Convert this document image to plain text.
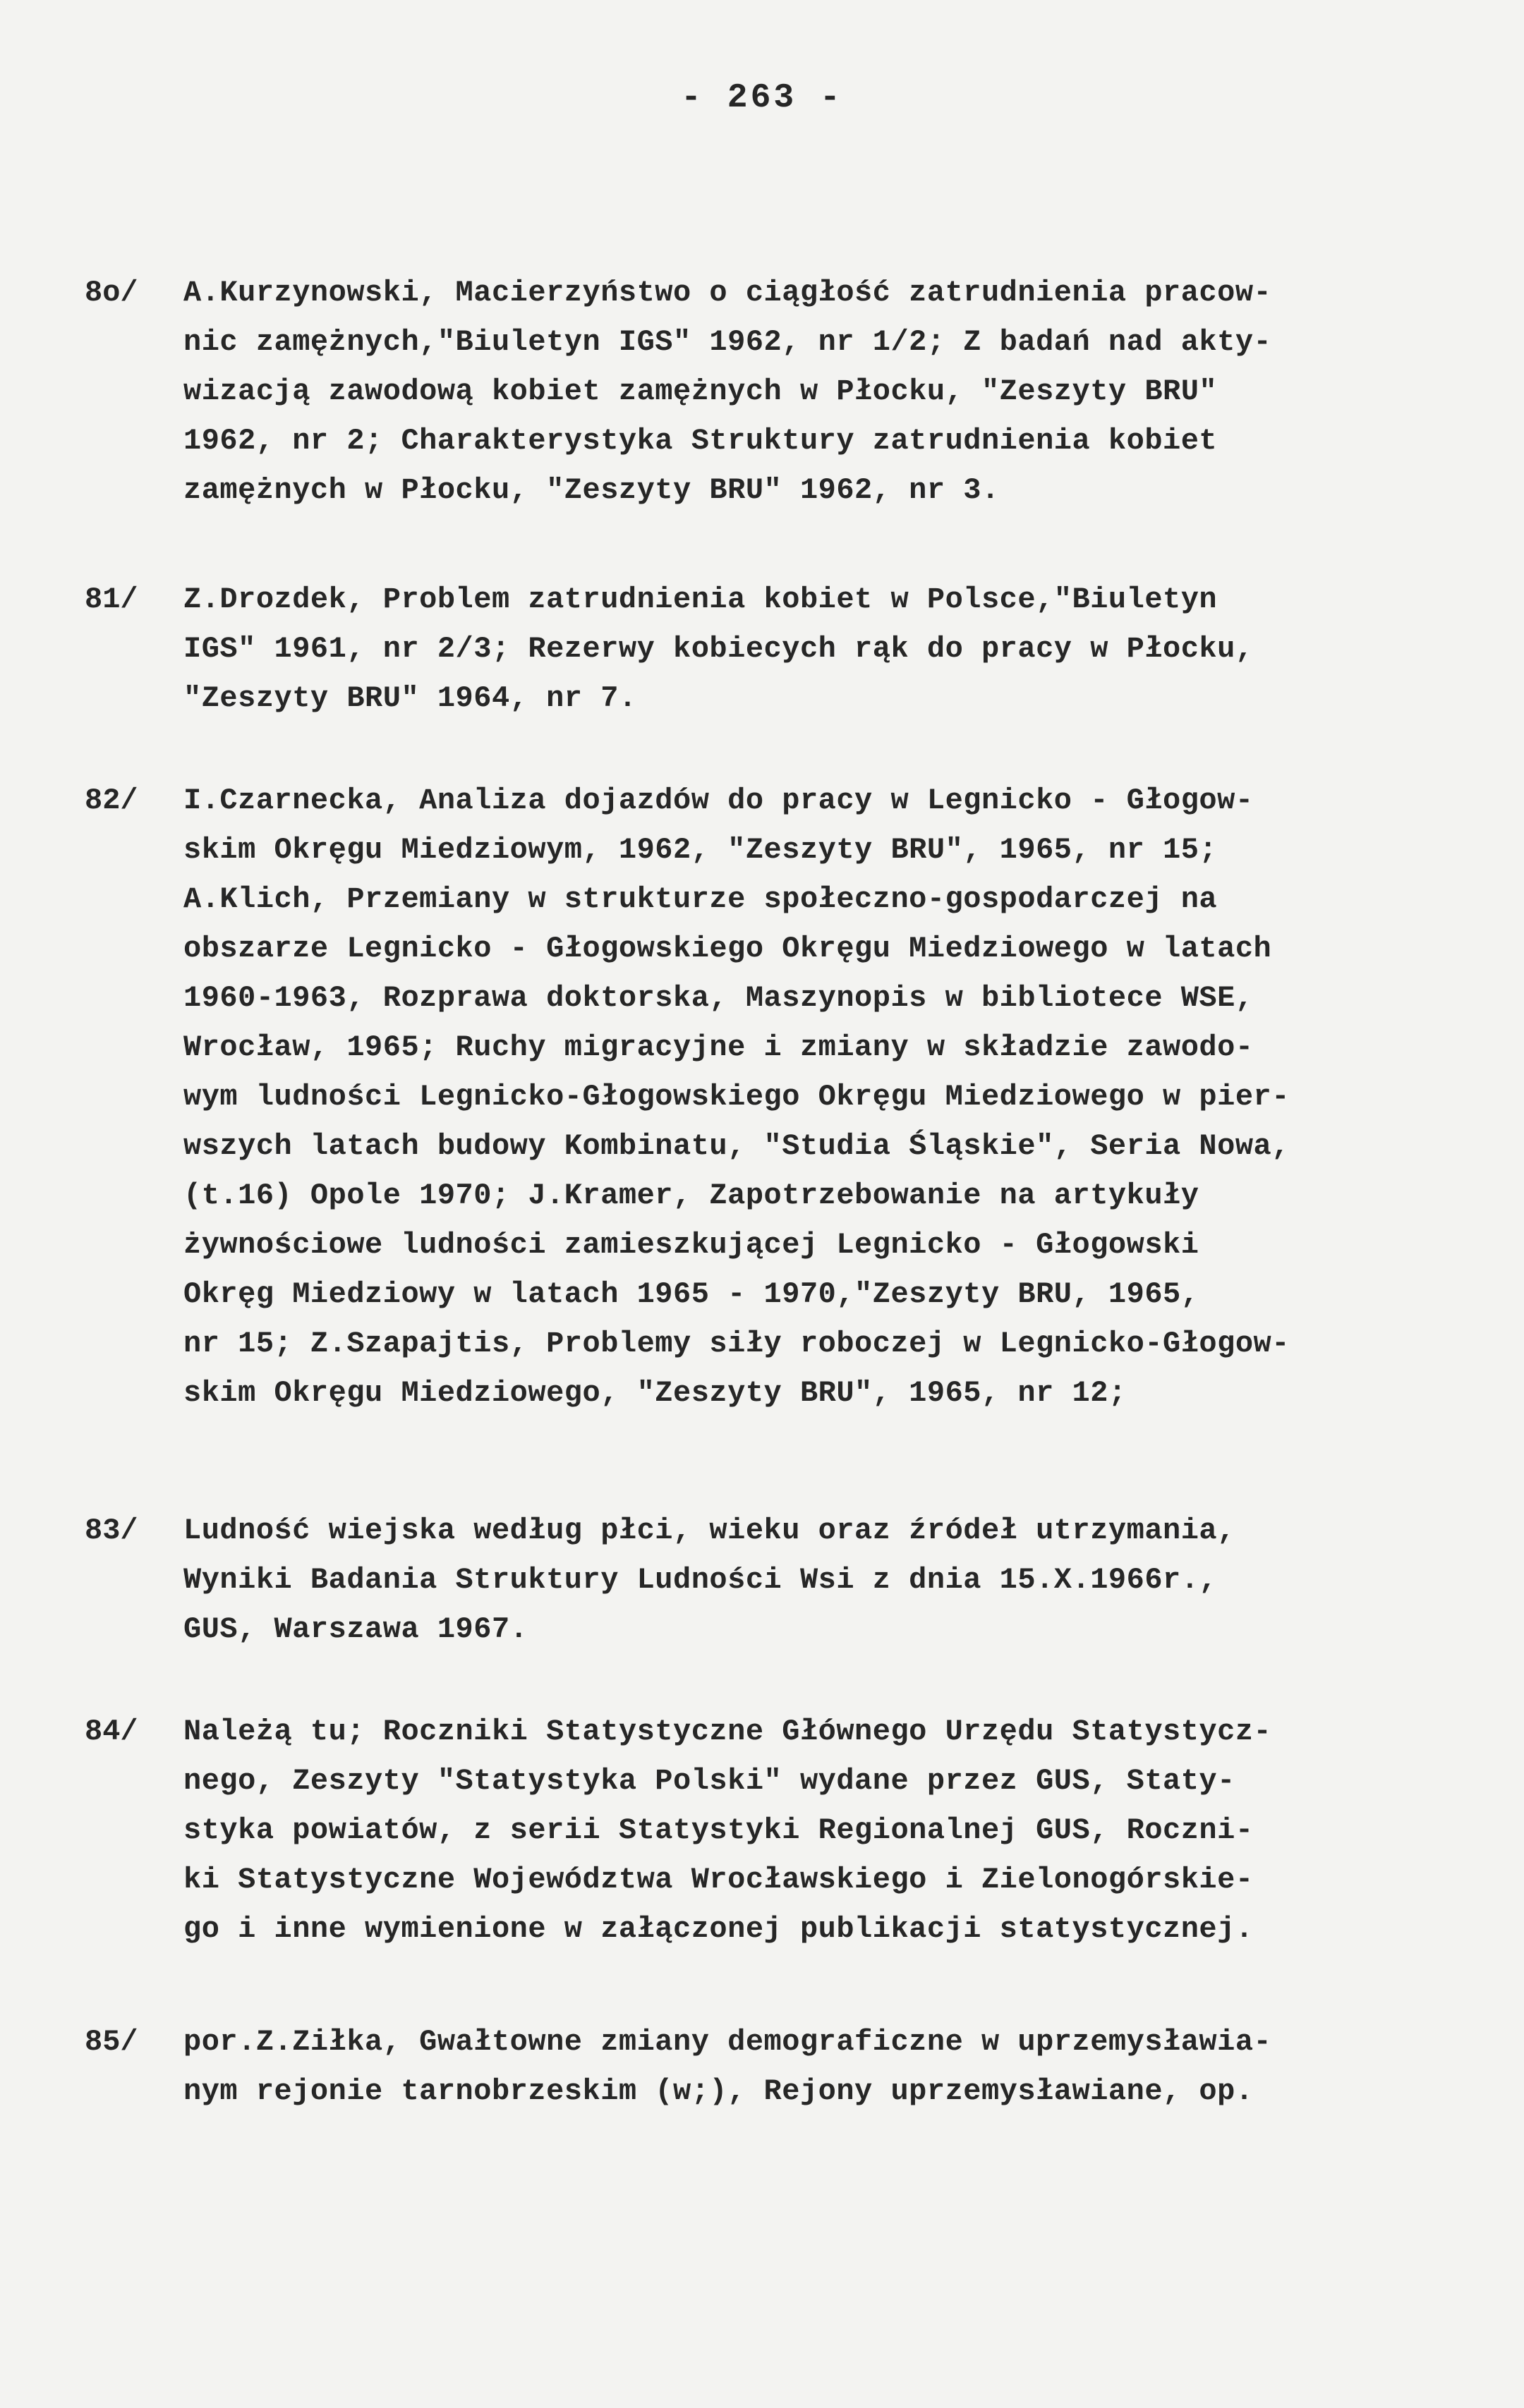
- 263 -
8o/ A.Kurzynowski, Macierzyństwo o ciągłość zatrudnienia pracow-
nic zamężnych,"Biuletyn IGS" 1962, nr 1/2; Z badań nad akty-
wizacją zawodową kobiet zamężnych w Płocku, "Zeszyty BRU"
1962, nr 2; Charakterystyka Struktury zatrudnienia kobiet
zamężnych w Płocku, "Zeszyty BRU" 1962, nr 3.
81/ Z.Drozdek, Problem zatrudnienia kobiet w Polsce,"Biuletyn
IGS" 1961, nr 2/3; Rezerwy kobiecych rąk do pracy w Płocku,
"Zeszyty BRU" 1964, nr 7.
82/ I.Czarnecka, Analiza dojazdów do pracy w Legnicko - Głogow-
skim Okręgu Miedziowym, 1962, "Zeszyty BRU", 1965, nr 15;
A.Klich, Przemiany w strukturze społeczno-gospodarczej na
obszarze Legnicko - Głogowskiego Okręgu Miedziowego w latach
1960-1963, Rozprawa doktorska, Maszynopis w bibliotece WSE,
Wrocław, 1965; Ruchy migracyjne i zmiany w składzie zawodo-
wym ludności Legnicko-Głogowskiego Okręgu Miedziowego w pier-
wszych latach budowy Kombinatu, "Studia Śląskie", Seria Nowa,
(t.16) Opole 1970; J.Kramer, Zapotrzebowanie na artykuły
żywnościowe ludności zamieszkującej Legnicko - Głogowski
Okręg Miedziowy w latach 1965 - 1970,"Zeszyty BRU, 1965,
nr 15; Z.Szapajtis, Problemy siły roboczej w Legnicko-Głogow-
skim Okręgu Miedziowego, "Zeszyty BRU", 1965, nr 12;
83/ Ludność wiejska według płci, wieku oraz źródeł utrzymania,
Wyniki Badania Struktury Ludności Wsi z dnia 15.X.1966r.,
GUS, Warszawa 1967.
84/ Należą tu; Roczniki Statystyczne Głównego Urzędu Statystycz-
nego, Zeszyty "Statystyka Polski" wydane przez GUS, Staty-
styka powiatów, z serii Statystyki Regionalnej GUS, Roczni-
ki Statystyczne Województwa Wrocławskiego i Zielonogórskie-
go i inne wymienione w załączonej publikacji statystycznej.
85/ por.Z.Ziłka, Gwałtowne zmiany demograficzne w uprzemysławia-
nym rejonie tarnobrzeskim (w;), Rejony uprzemysławiane, op.
